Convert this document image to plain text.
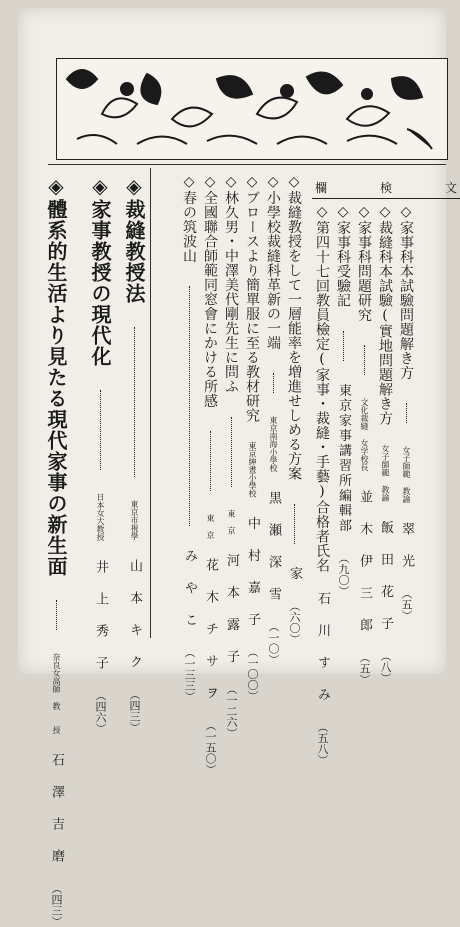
欄	検	文
◇家事科本試驗問題解き方  女子師範 教諭 翠 光 （五）
◇裁縫科本試驗(實地問題解き方 女子師範 教諭 飯 田 花 子 （八）
◇家事科問題研究  文化裁縫 女学校長 並 木 伊 三 郎 （五）
◇家事科受驗記  東京家事講習所編輯部 （九〇）
◇第四十七回教員檢定(家事・裁縫・手藝)合格者氏名 石 川 す み （五八）
◇裁縫教授をして一層能率を増進せしめる方案  家 （六〇）
◇小學校裁縫科革新の一端  東京南海小學校 黒 瀬 深 雪 （一〇）
◇ブロースより簡單服に至る教材研究 東京紳晝小學校 中 村 嘉 子 （一〇〇）
◇林久男・中澤美代剛先生に問ふ  東 京 河 本 露 子 （一二六）
◇全國聯合師範同窓會にかける所感  東 京 花 木 チ サ ヲ （一五〇）
◇春の筑波山  み や こ （一三三）
◈裁縫教授法  東京市視學 山 本 キ ク （四三）
◈家事教授の現代化  日本女大教授 井 上 秀 子 （四六）
◈體系的生活より見たる現代家事の新生面  奈良女高師 教　　授 石 澤 吉 磨 （四三）
